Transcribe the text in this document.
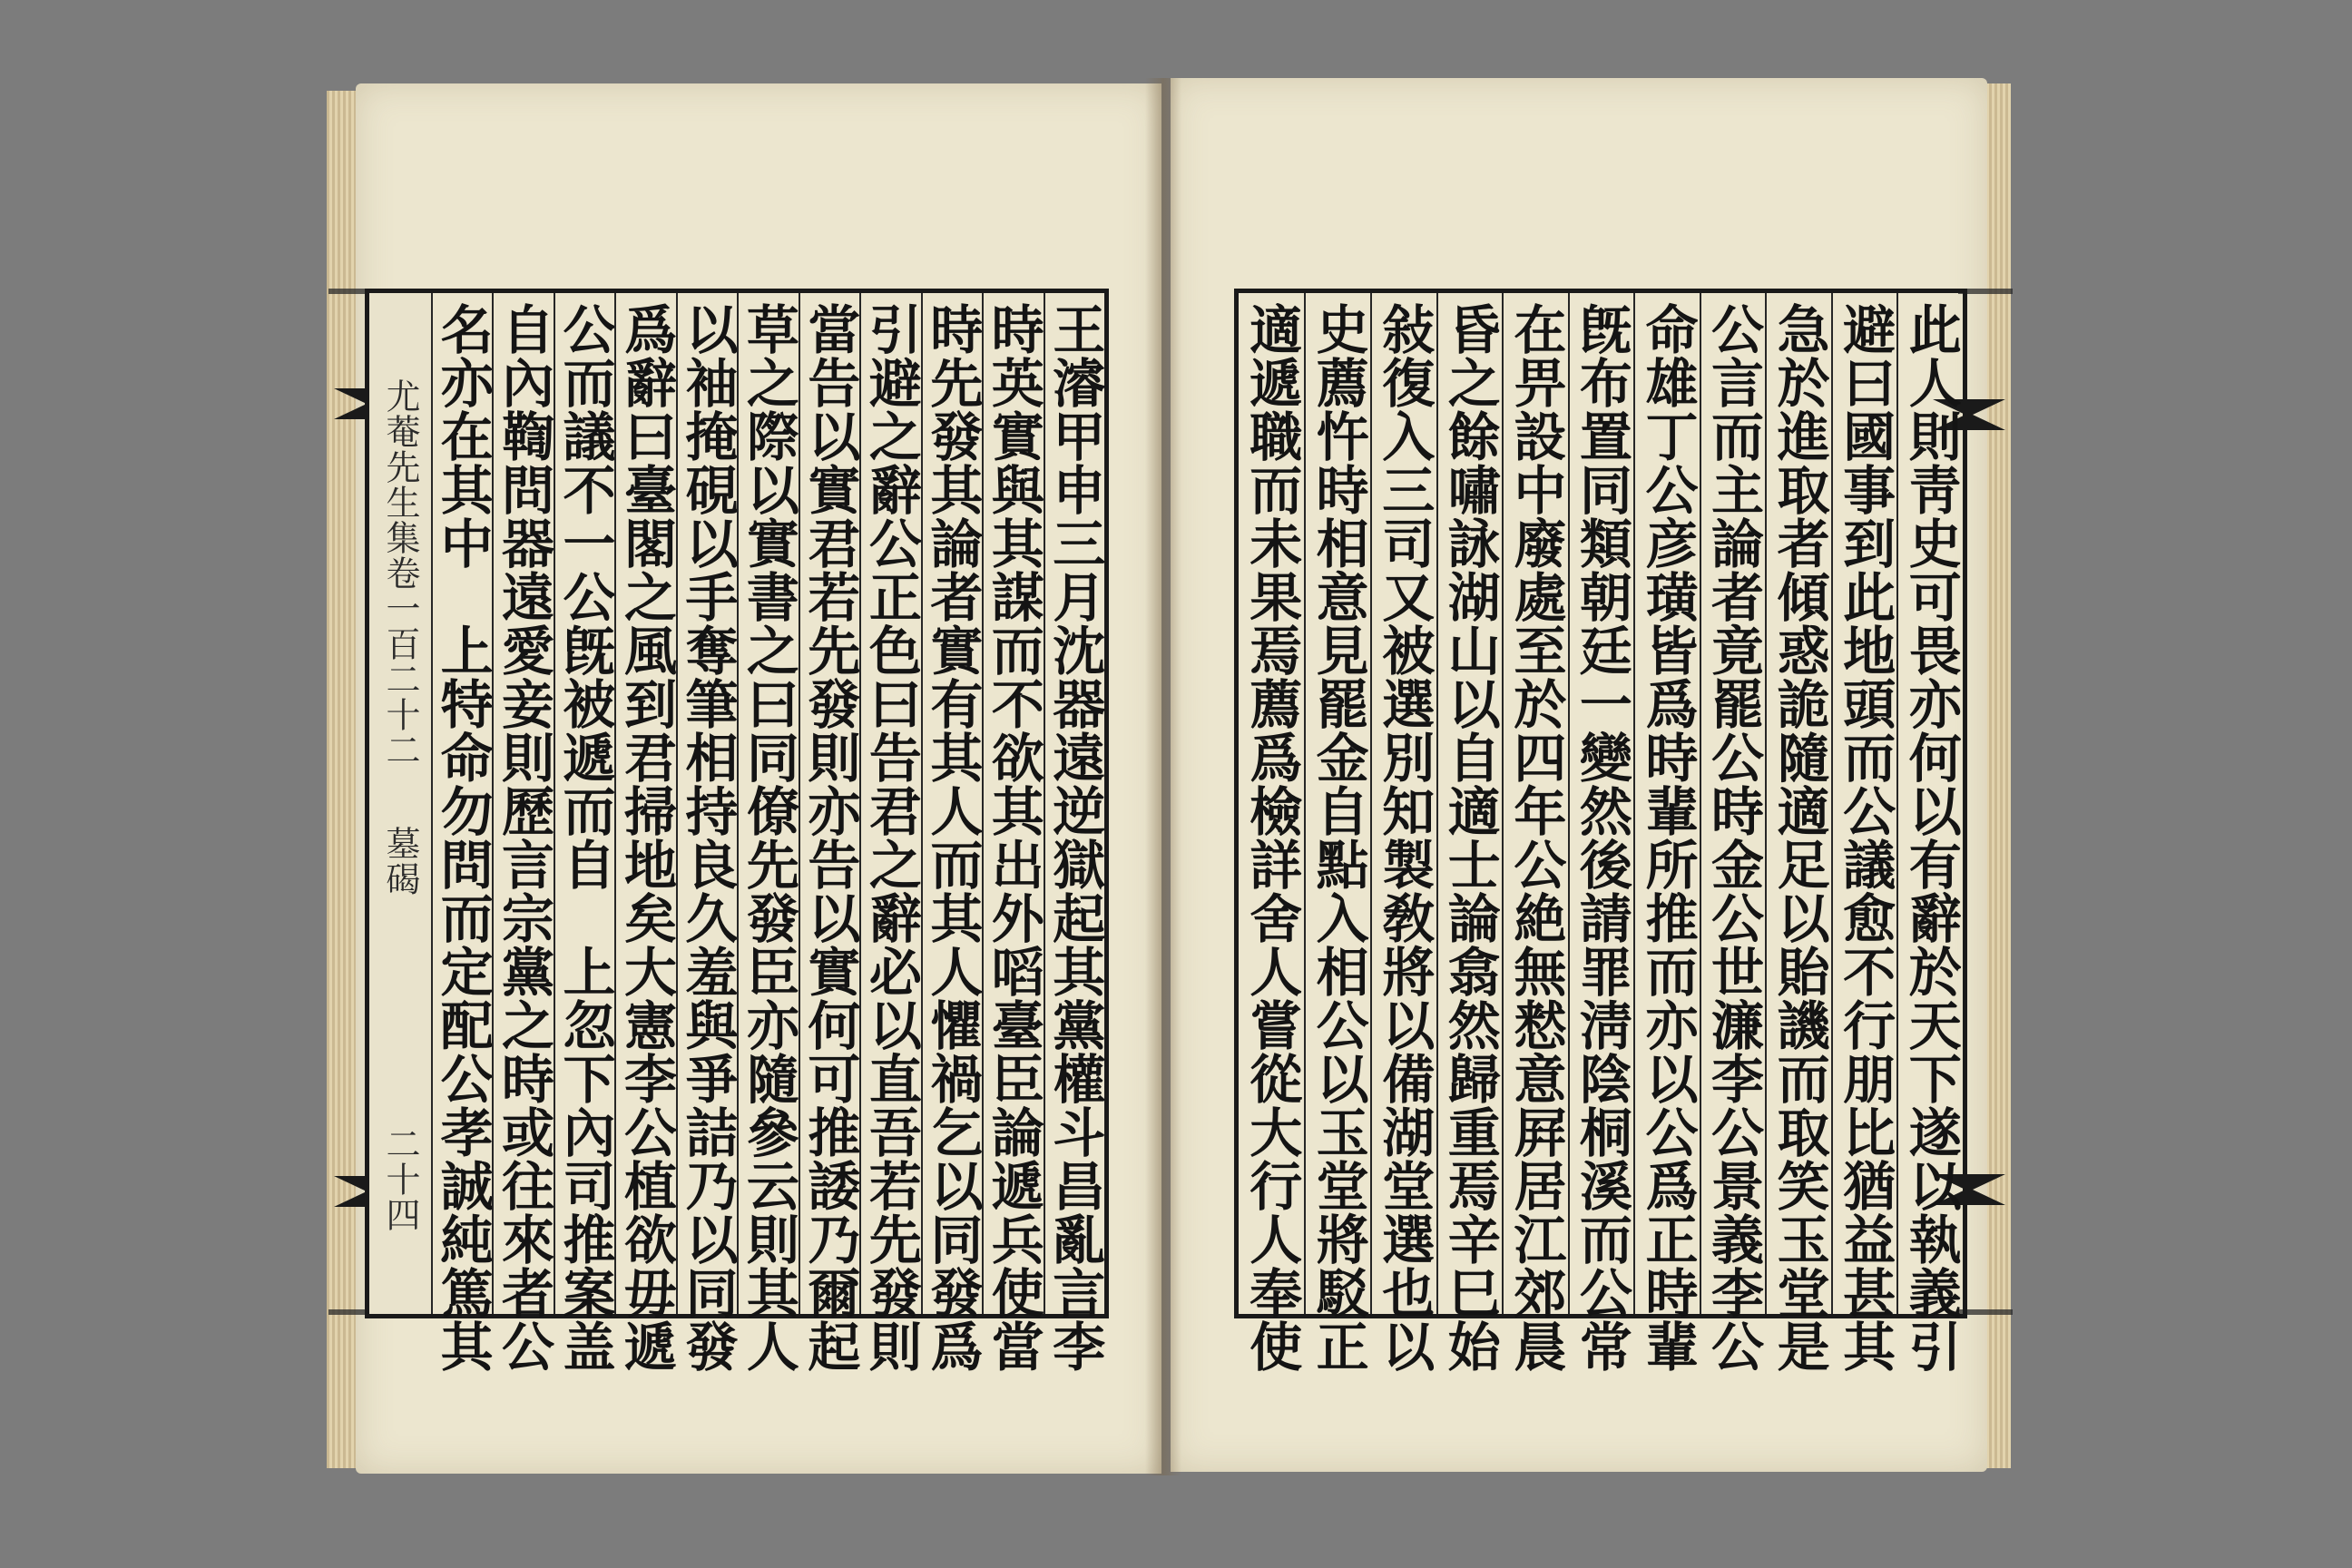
王濬甲申三月沈器遠逆獄起其黨權斗昌亂言李
時英實與其謀而不欲其出外㗖臺臣論遞兵使當
時先發其論者實有其人而其人懼禍乞以同發爲
引避之辭公正色曰告君之辭必以直吾若先發則
當告以實君若先發則亦告以實何可推諉乃爾起
草之際以實書之曰同僚先發臣亦隨參云則其人
以袖掩硯以手奪筆相持良久羞與爭詰乃以同發
爲辭曰臺閣之風到君掃地矣大憲李公植欲毋遞
公而議不一公旣被遞而自　上忽下內司推案盖
自內鞫問器遠愛妾則歷言宗黨之時或往來者公
名亦在其中　上特命勿問而定配公孝誠純篤其
尤菴先生集卷一百二十二
墓碣
二十四	此人則靑史可畏亦何以有辭於天下遂以執義引
避曰國事到此地頭而公議愈不行朋比猶益甚其
急於進取者傾惑詭隨適足以貽譏而取笑玉堂是
公言而主論者竟罷公時金公世濂李公景義李公
命雄丁公彦璜皆爲時輩所推而亦以公爲正時輩
旣布置同類朝廷一變然後請罪淸陰桐溪而公常
在畀設中廢處至於四年公絶無慭意屛居江郊晨
昏之餘嘯詠湖山以自適士論翕然歸重焉辛巳始
敍復入三司又被選別知製敎將以備湖堂選也以
史薦忤時相意見罷金自點入相公以玉堂將駁正
適遞職而未果焉薦爲檢詳舍人嘗從大行人奉使
